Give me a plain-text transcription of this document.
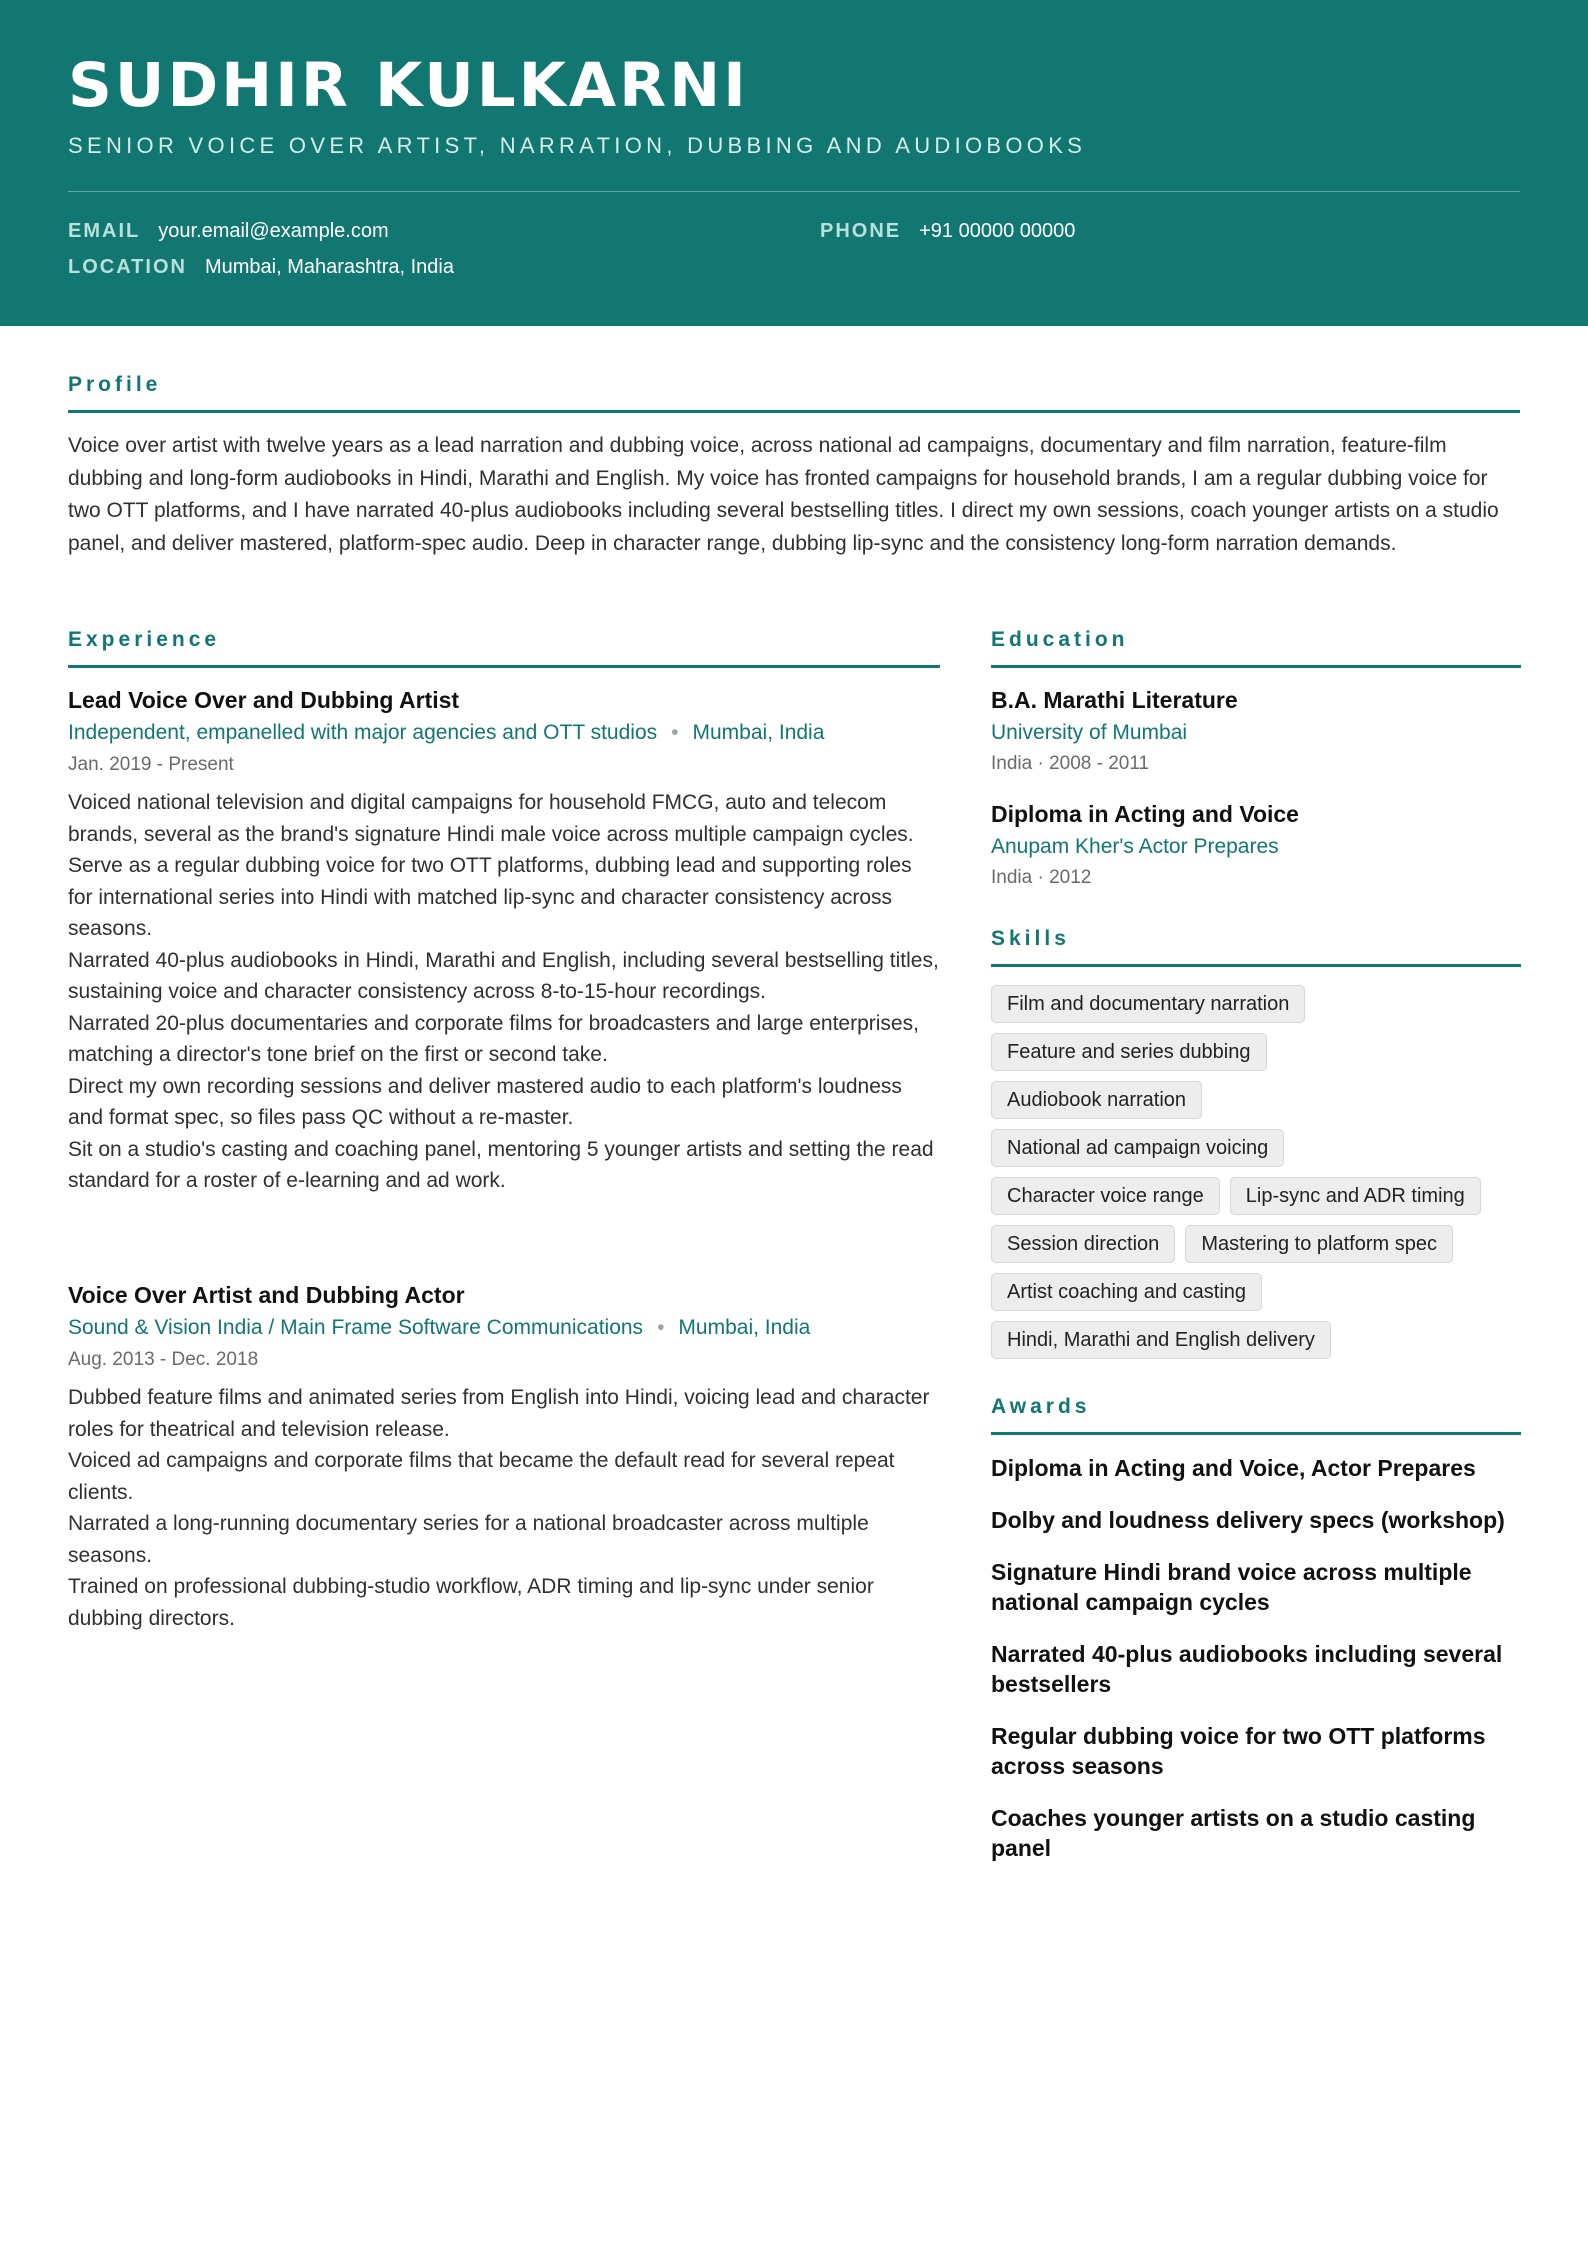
SUDHIR KULKARNI
SENIOR VOICE OVER ARTIST, NARRATION, DUBBING AND AUDIOBOOKS
EMAIL your.email@example.com	PHONE +91 00000 00000
LOCATION Mumbai, Maharashtra, India
Profile
Voice over artist with twelve years as a lead narration and dubbing voice, across national ad campaigns, documentary and film narration, feature-film dubbing and long-form audiobooks in Hindi, Marathi and English. My voice has fronted campaigns for household brands, I am a regular dubbing voice for two OTT platforms, and I have narrated 40-plus audiobooks including several bestselling titles. I direct my own sessions, coach younger artists on a studio panel, and deliver mastered, platform-spec audio. Deep in character range, dubbing lip-sync and the consistency long-form narration demands.
Experience
Lead Voice Over and Dubbing Artist
Independent, empanelled with major agencies and OTT studios • Mumbai, India
Jan. 2019 - Present
Voiced national television and digital campaigns for household FMCG, auto and telecom brands, several as the brand's signature Hindi male voice across multiple campaign cycles.
Serve as a regular dubbing voice for two OTT platforms, dubbing lead and supporting roles for international series into Hindi with matched lip-sync and character consistency across seasons.
Narrated 40-plus audiobooks in Hindi, Marathi and English, including several bestselling titles, sustaining voice and character consistency across 8-to-15-hour recordings.
Narrated 20-plus documentaries and corporate films for broadcasters and large enterprises, matching a director's tone brief on the first or second take.
Direct my own recording sessions and deliver mastered audio to each platform's loudness and format spec, so files pass QC without a re-master.
Sit on a studio's casting and coaching panel, mentoring 5 younger artists and setting the read standard for a roster of e-learning and ad work.
Voice Over Artist and Dubbing Actor
Sound & Vision India / Main Frame Software Communications • Mumbai, India
Aug. 2013 - Dec. 2018
Dubbed feature films and animated series from English into Hindi, voicing lead and character roles for theatrical and television release.
Voiced ad campaigns and corporate films that became the default read for several repeat clients.
Narrated a long-running documentary series for a national broadcaster across multiple seasons.
Trained on professional dubbing-studio workflow, ADR timing and lip-sync under senior dubbing directors.
Education
B.A. Marathi Literature
University of Mumbai
India · 2008 - 2011
Diploma in Acting and Voice
Anupam Kher's Actor Prepares
India · 2012
Skills
Film and documentary narration
Feature and series dubbing
Audiobook narration
National ad campaign voicing
Character voice range Lip-sync and ADR timing
Session direction Mastering to platform spec
Artist coaching and casting
Hindi, Marathi and English delivery
Awards
Diploma in Acting and Voice, Actor Prepares
Dolby and loudness delivery specs (workshop)
Signature Hindi brand voice across multiple national campaign cycles
Narrated 40-plus audiobooks including several bestsellers
Regular dubbing voice for two OTT platforms across seasons
Coaches younger artists on a studio casting panel
